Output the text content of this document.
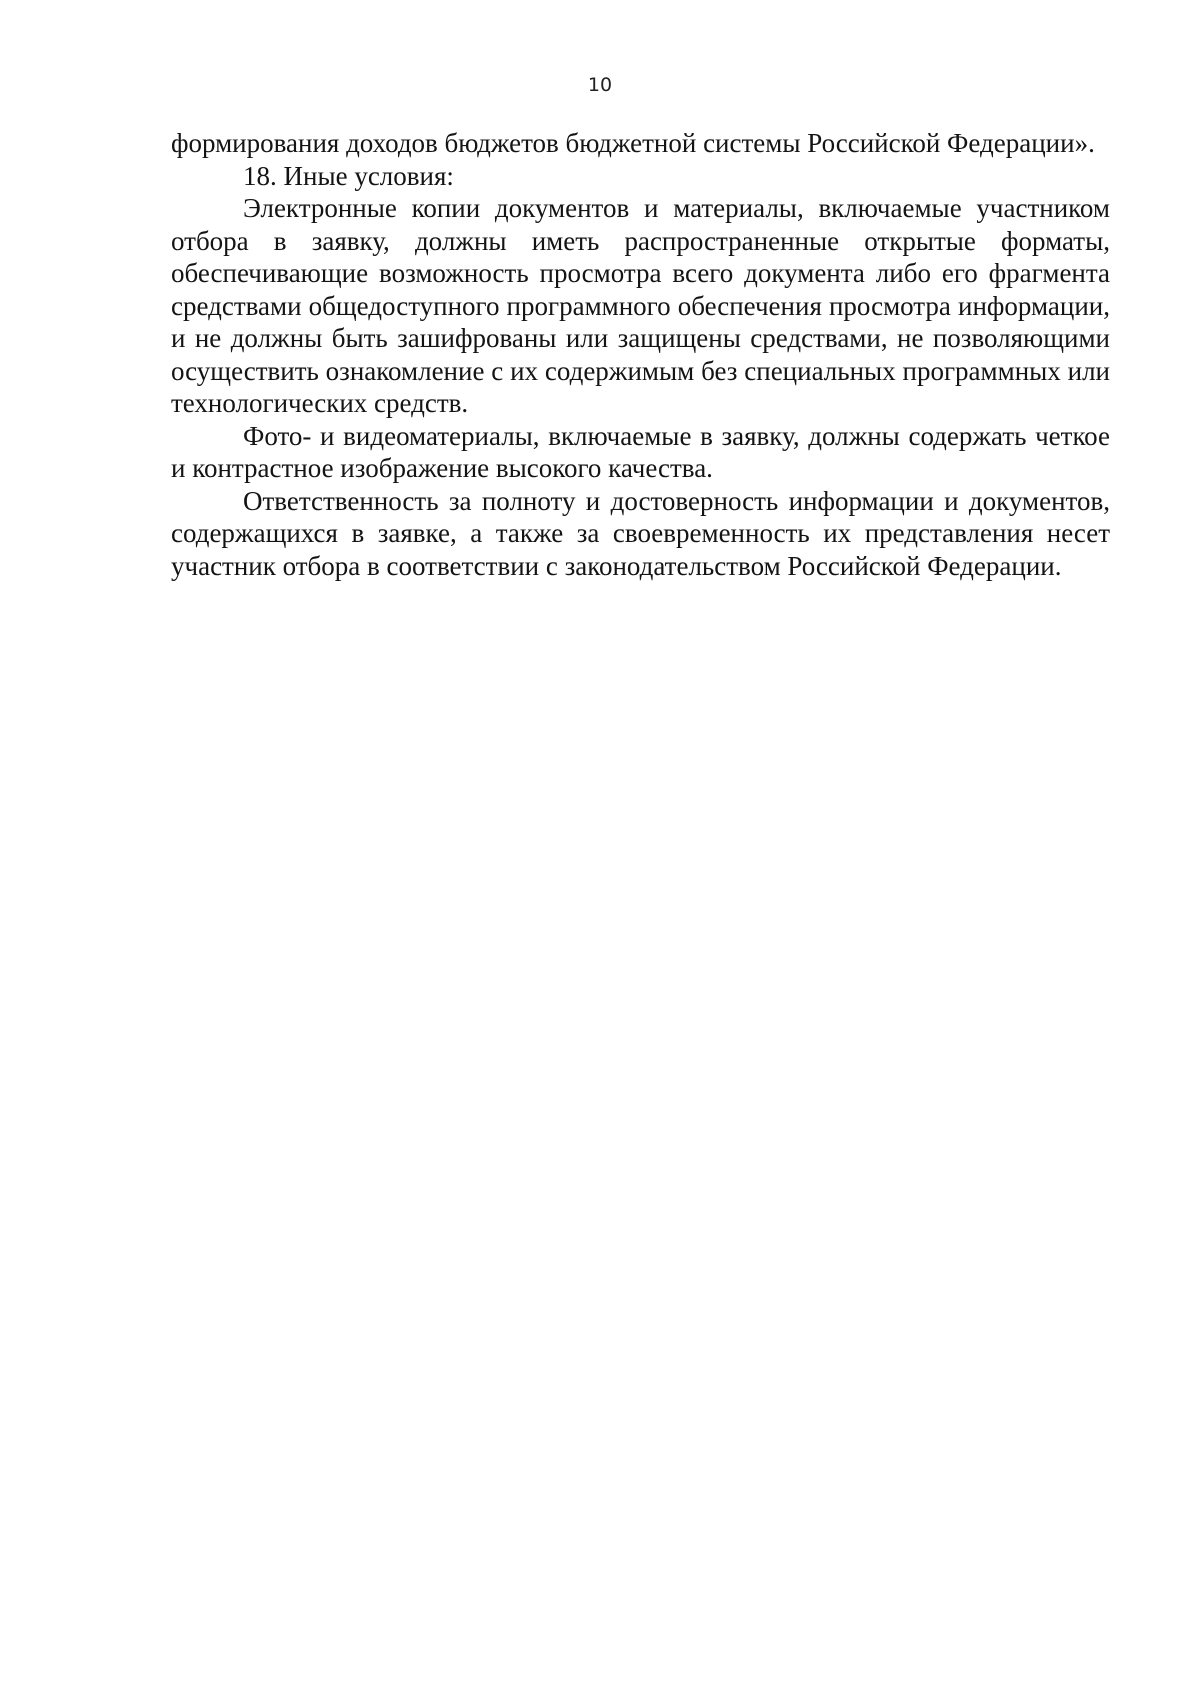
10

формирования доходов бюджетов бюджетной системы Российской Федерации».

18. Иные условия:

Электронные копии документов и материалы, включаемые участником отбора в заявку, должны иметь распространенные открытые форматы, обеспечивающие возможность просмотра всего документа либо его фрагмента средствами общедоступного программного обеспечения просмотра информации, и не должны быть зашифрованы или защищены средствами, не позволяющими осуществить ознакомление с их содержимым без специальных программных или технологических средств.

Фото- и видеоматериалы, включаемые в заявку, должны содержать четкое и контрастное изображение высокого качества.

Ответственность за полноту и достоверность информации и документов, содержащихся в заявке, а также за своевременность их представления несет участник отбора в соответствии с законодательством Российской Федерации.
